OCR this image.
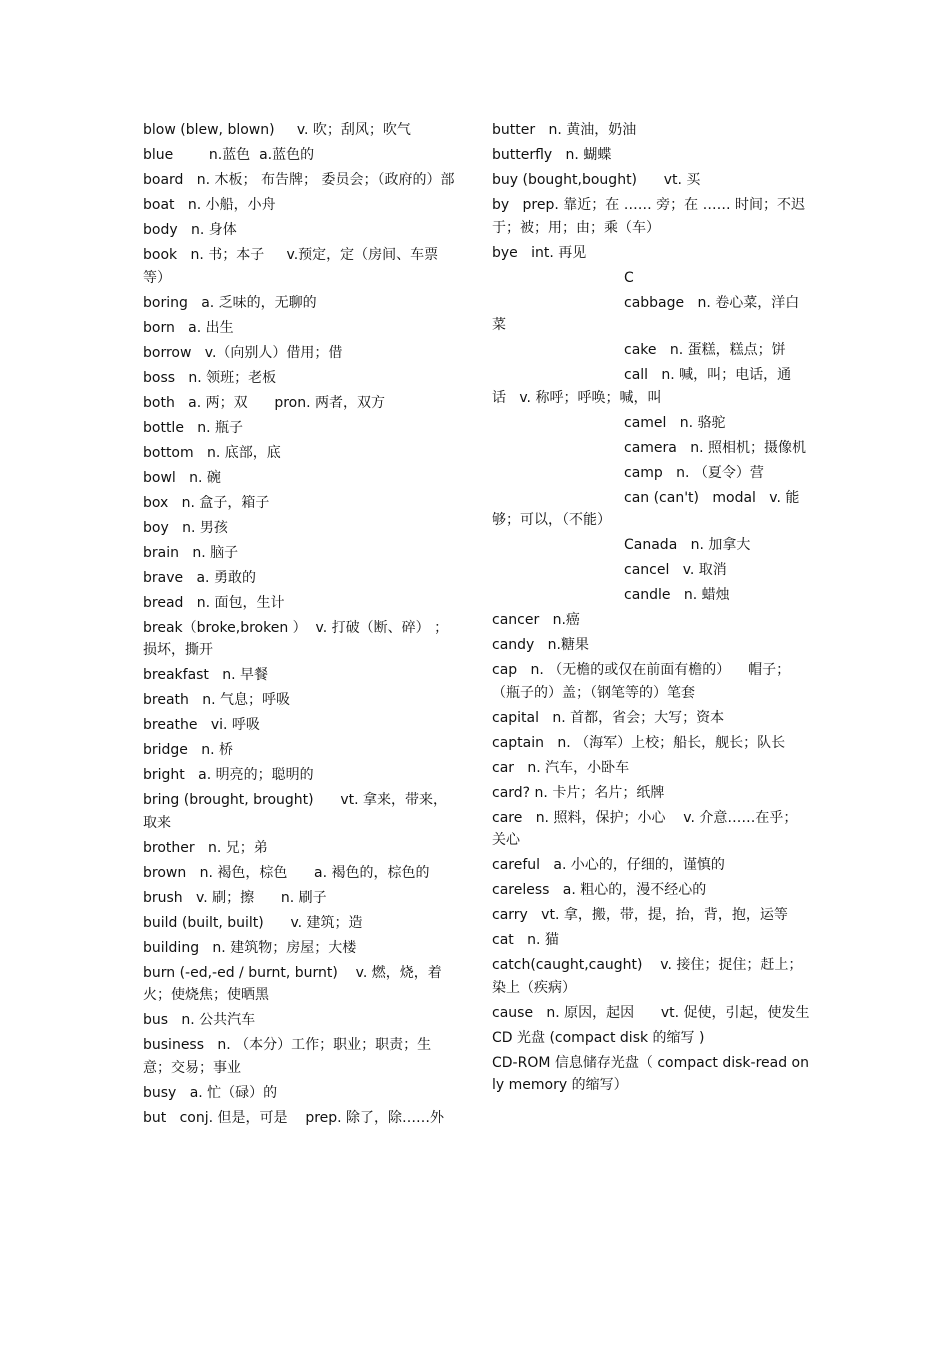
blow (blew, blown)     v. 吹；刮风；吹气
blue        n.蓝色  a.蓝色的
board   n. 木板； 布告牌； 委员会；（政府的）部
boat   n. 小船，小舟
body   n. 身体
book   n. 书；本子     v.预定，定（房间、车票等）
boring   a. 乏味的，无聊的
born   a. 出生
borrow   v.（向别人）借用；借
boss   n. 领班；老板
both   a. 两；双      pron. 两者，双方
bottle   n. 瓶子
bottom   n. 底部，底
bowl   n. 碗
box   n. 盒子，箱子
boy   n. 男孩
brain   n. 脑子
brave   a. 勇敢的
bread   n. 面包，生计
break（broke,broken ）  v. 打破（断、碎） ；损坏，撕开
breakfast   n. 早餐
breath   n. 气息；呼吸
breathe   vi. 呼吸
bridge   n. 桥
bright   a. 明亮的；聪明的
bring (brought, brought)      vt. 拿来，带来，取来
brother   n. 兄；弟
brown   n. 褐色，棕色      a. 褐色的，棕色的
brush   v. 刷；擦      n. 刷子
build (built, built)      v. 建筑；造
building   n. 建筑物；房屋；大楼
burn (-ed,-ed / burnt, burnt)    v. 燃，烧，着火；使烧焦；使晒黑
bus   n. 公共汽车
business   n. （本分）工作；职业；职责；生意；交易；事业
busy   a. 忙（碌）的
but   conj. 但是，可是    prep. 除了，除……外
butter   n. 黄油，奶油
butterfly   n. 蝴蝶
buy (bought,bought)      vt. 买
by   prep. 靠近；在 …… 旁；在 …… 时间；不迟于；被；用；由；乘（车）
bye   int. 再见
C
cabbage   n. 卷心菜，洋白菜
cake   n. 蛋糕，糕点；饼
call   n. 喊，叫；电话，通话   v. 称呼；呼唤；喊，叫
camel   n. 骆驼
camera   n. 照相机；摄像机
camp   n. （夏令）营
can (can't)   modal   v. 能够；可以，（不能）
Canada   n. 加拿大
cancel   v. 取消
candle   n. 蜡烛
cancer   n.癌
candy   n.糖果
cap   n. （无檐的或仅在前面有檐的）    帽子；（瓶子的）盖；（钢笔等的）笔套
capital   n. 首都，省会；大写；资本
captain   n. （海军）上校；船长，舰长；队长
car   n. 汽车，小卧车
card? n. 卡片；名片；纸牌
care   n. 照料，保护；小心    v. 介意……在乎；关心
careful   a. 小心的，仔细的，谨慎的
careless   a. 粗心的，漫不经心的
carry   vt. 拿，搬，带，提，抬，背，抱，运等
cat   n. 猫
catch(caught,caught)    v. 接住；捉住；赶上；染上（疾病）
cause   n. 原因，起因      vt. 促使，引起，使发生
CD 光盘 (compact disk 的缩写 )
CD-ROM 信息储存光盘（ compact disk-read only memory 的缩写）
